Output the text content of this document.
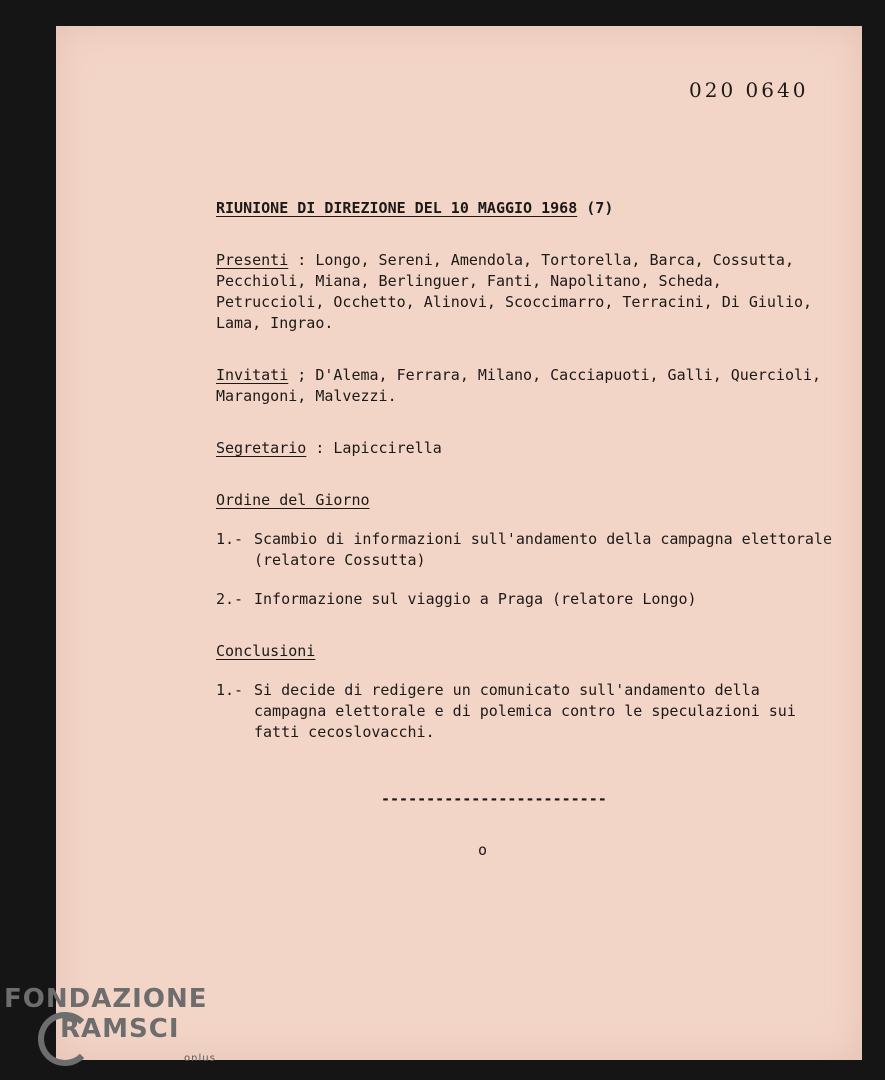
020 0640
RIUNIONE DI DIREZIONE DEL 10 MAGGIO 1968 (7)
Presenti : Longo, Sereni, Amendola, Tortorella, Barca, Cossutta, Pecchioli, Miana, Berlinguer, Fanti, Napolitano, Scheda, Petruccioli, Occhetto, Alinovi, Scoccimarro, Terracini, Di Giulio, Lama, Ingrao.
Invitati ; D'Alema, Ferrara, Milano, Cacciapuoti, Galli, Quercioli, Marangoni, Malvezzi.
Segretario : Lapiccirella
Ordine del Giorno
1.- Scambio di informazioni sull'andamento della campagna elettorale (relatore Cossutta)
2.- Informazione sul viaggio a Praga (relatore Longo)
Conclusioni
1.- Si decide di redigere un comunicato sull'andamento della campagna elettorale e di polemica contro le speculazioni sui fatti cecoslovacchi.
-------------------------
o
FONDAZIONE
RAMSCI
onlus
